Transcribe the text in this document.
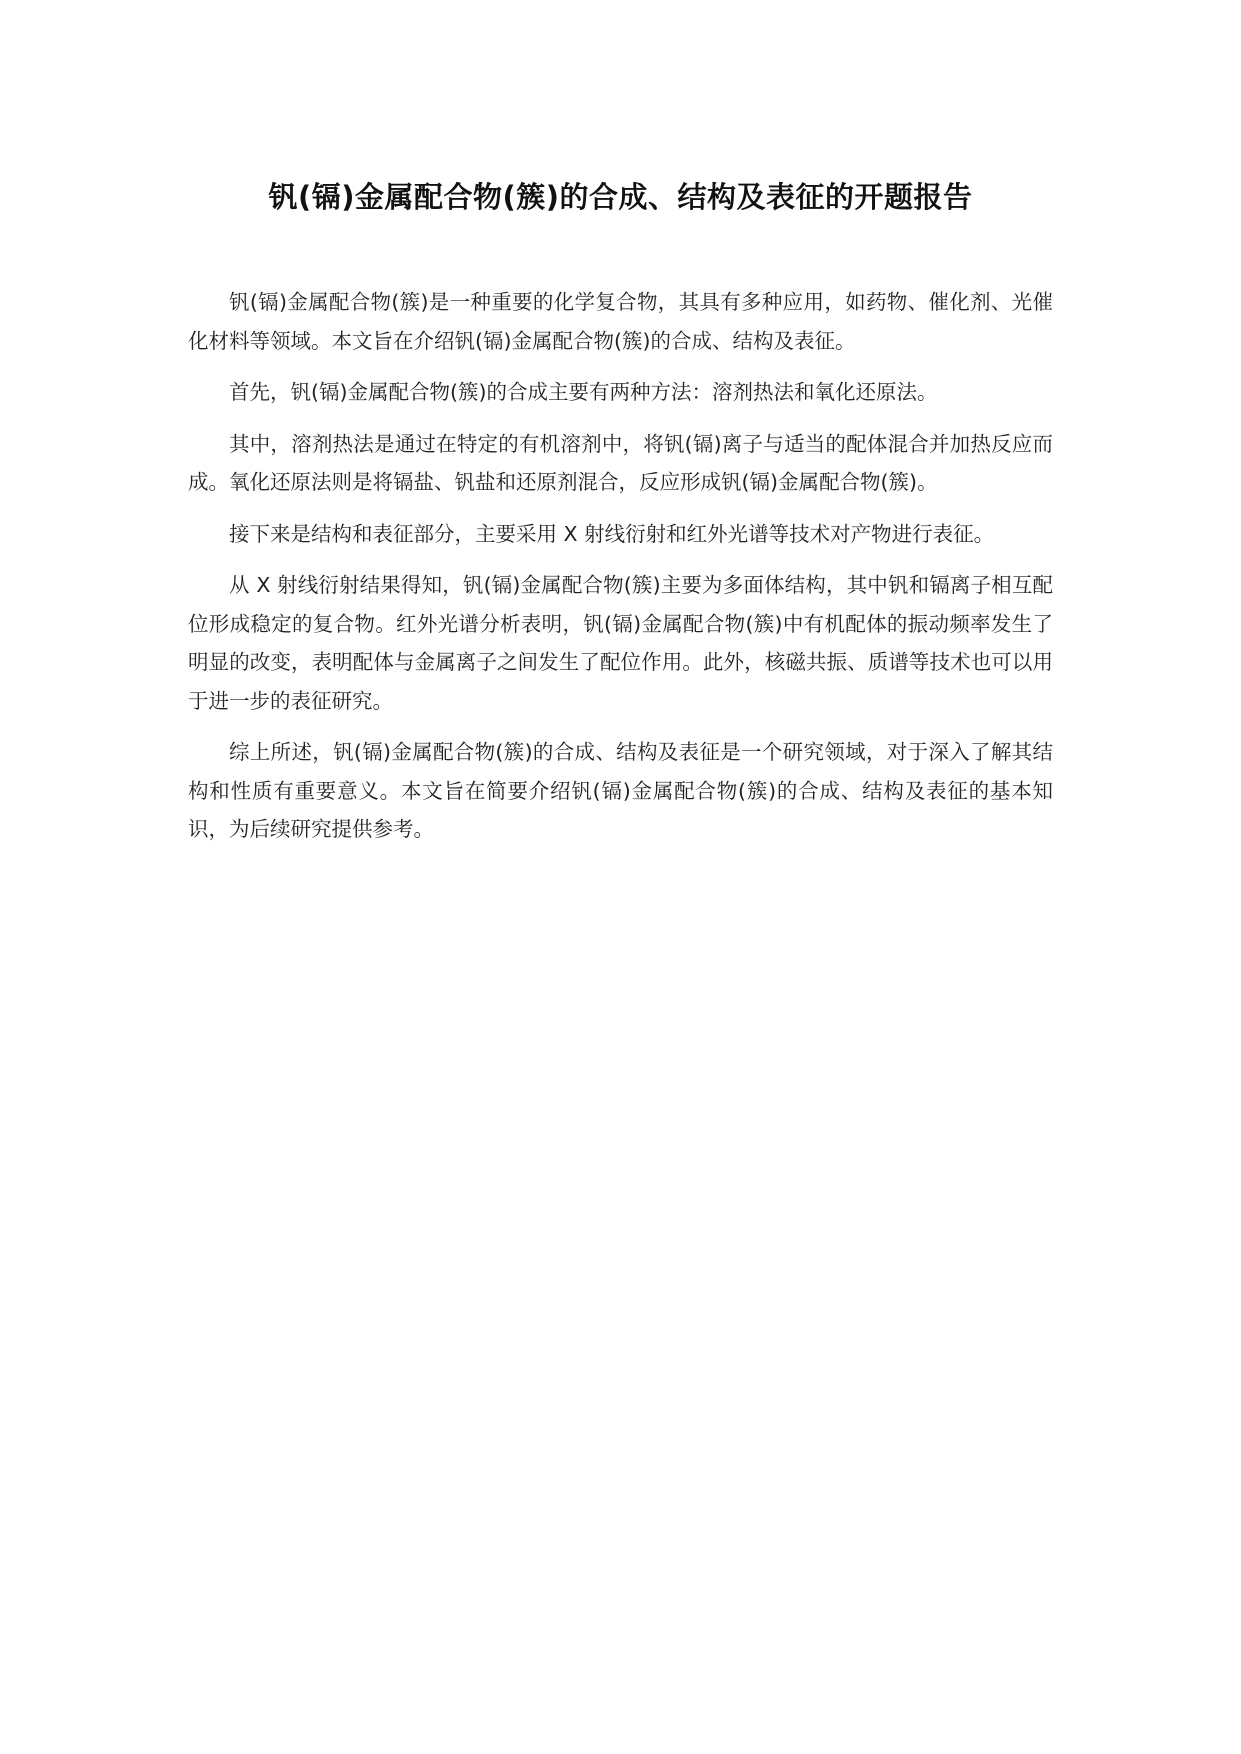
钒(镉)金属配合物(簇)的合成、结构及表征的开题报告

钒(镉)金属配合物(簇)是一种重要的化学复合物，其具有多种应用，如药物、催化剂、光催化材料等领域。本文旨在介绍钒(镉)金属配合物(簇)的合成、结构及表征。

首先，钒(镉)金属配合物(簇)的合成主要有两种方法：溶剂热法和氧化还原法。

其中，溶剂热法是通过在特定的有机溶剂中，将钒(镉)离子与适当的配体混合并加热反应而成。氧化还原法则是将镉盐、钒盐和还原剂混合，反应形成钒(镉)金属配合物(簇)。

接下来是结构和表征部分，主要采用 X 射线衍射和红外光谱等技术对产物进行表征。

从 X 射线衍射结果得知，钒(镉)金属配合物(簇)主要为多面体结构，其中钒和镉离子相互配位形成稳定的复合物。红外光谱分析表明，钒(镉)金属配合物(簇)中有机配体的振动频率发生了明显的改变，表明配体与金属离子之间发生了配位作用。此外，核磁共振、质谱等技术也可以用于进一步的表征研究。

综上所述，钒(镉)金属配合物(簇)的合成、结构及表征是一个研究领域，对于深入了解其结构和性质有重要意义。本文旨在简要介绍钒(镉)金属配合物(簇)的合成、结构及表征的基本知识，为后续研究提供参考。
